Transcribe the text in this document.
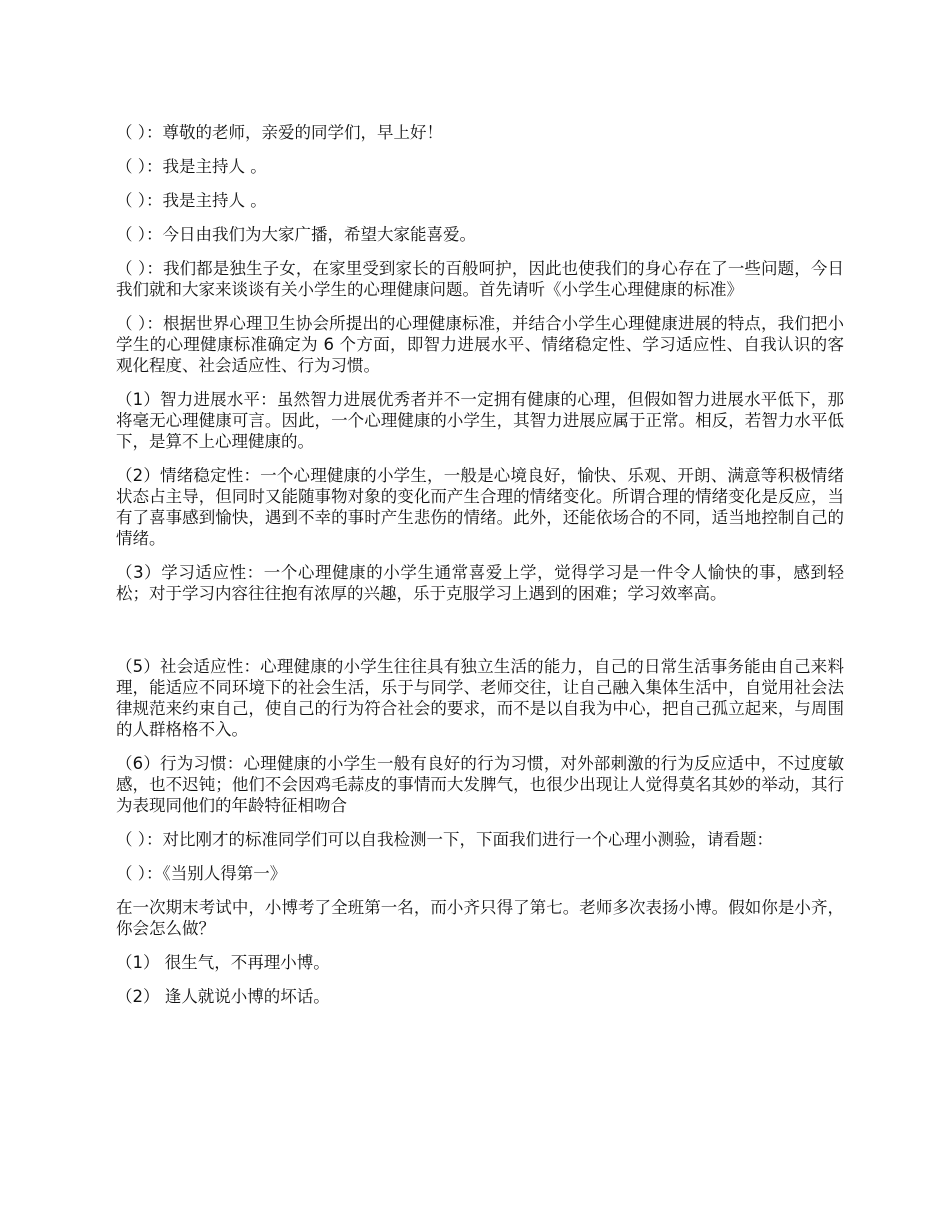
（ ）：尊敬的老师，亲爱的同学们，早上好！

（ ）：我是主持人 。

（ ）：我是主持人 。

（ ）：今日由我们为大家广播，希望大家能喜爱。

（ ）：我们都是独生子女，在家里受到家长的百般呵护，因此也使我们的身心存在了一些问题，今日我们就和大家来谈谈有关小学生的心理健康问题。首先请听《小学生心理健康的标准》

（ ）：根据世界心理卫生协会所提出的心理健康标准，并结合小学生心理健康进展的特点，我们把小学生的心理健康标准确定为 6 个方面，即智力进展水平、情绪稳定性、学习适应性、自我认识的客观化程度、社会适应性、行为习惯。

（1）智力进展水平：虽然智力进展优秀者并不一定拥有健康的心理，但假如智力进展水平低下，那将毫无心理健康可言。因此，一个心理健康的小学生，其智力进展应属于正常。相反，若智力水平低下，是算不上心理健康的。

（2）情绪稳定性：一个心理健康的小学生，一般是心境良好，愉快、乐观、开朗、满意等积极情绪状态占主导，但同时又能随事物对象的变化而产生合理的情绪变化。所谓合理的情绪变化是反应，当有了喜事感到愉快，遇到不幸的事时产生悲伤的情绪。此外，还能依场合的不同，适当地控制自己的情绪。

（3）学习适应性：一个心理健康的小学生通常喜爱上学，觉得学习是一件令人愉快的事，感到轻松；对于学习内容往往抱有浓厚的兴趣，乐于克服学习上遇到的困难；学习效率高。

（5）社会适应性：心理健康的小学生往往具有独立生活的能力，自己的日常生活事务能由自己来料理，能适应不同环境下的社会生活，乐于与同学、老师交往，让自己融入集体生活中，自觉用社会法律规范来约束自己，使自己的行为符合社会的要求，而不是以自我为中心，把自己孤立起来，与周围的人群格格不入。

（6）行为习惯：心理健康的小学生一般有良好的行为习惯，对外部刺激的行为反应适中，不过度敏感，也不迟钝；他们不会因鸡毛蒜皮的事情而大发脾气，也很少出现让人觉得莫名其妙的举动，其行为表现同他们的年龄特征相吻合

（ ）：对比刚才的标准同学们可以自我检测一下，下面我们进行一个心理小测验，请看题：

（ ）：《当别人得第一》

在一次期末考试中，小博考了全班第一名，而小齐只得了第七。老师多次表扬小博。假如你是小齐，你会怎么做？

（1） 很生气，不再理小博。

（2） 逢人就说小博的坏话。
